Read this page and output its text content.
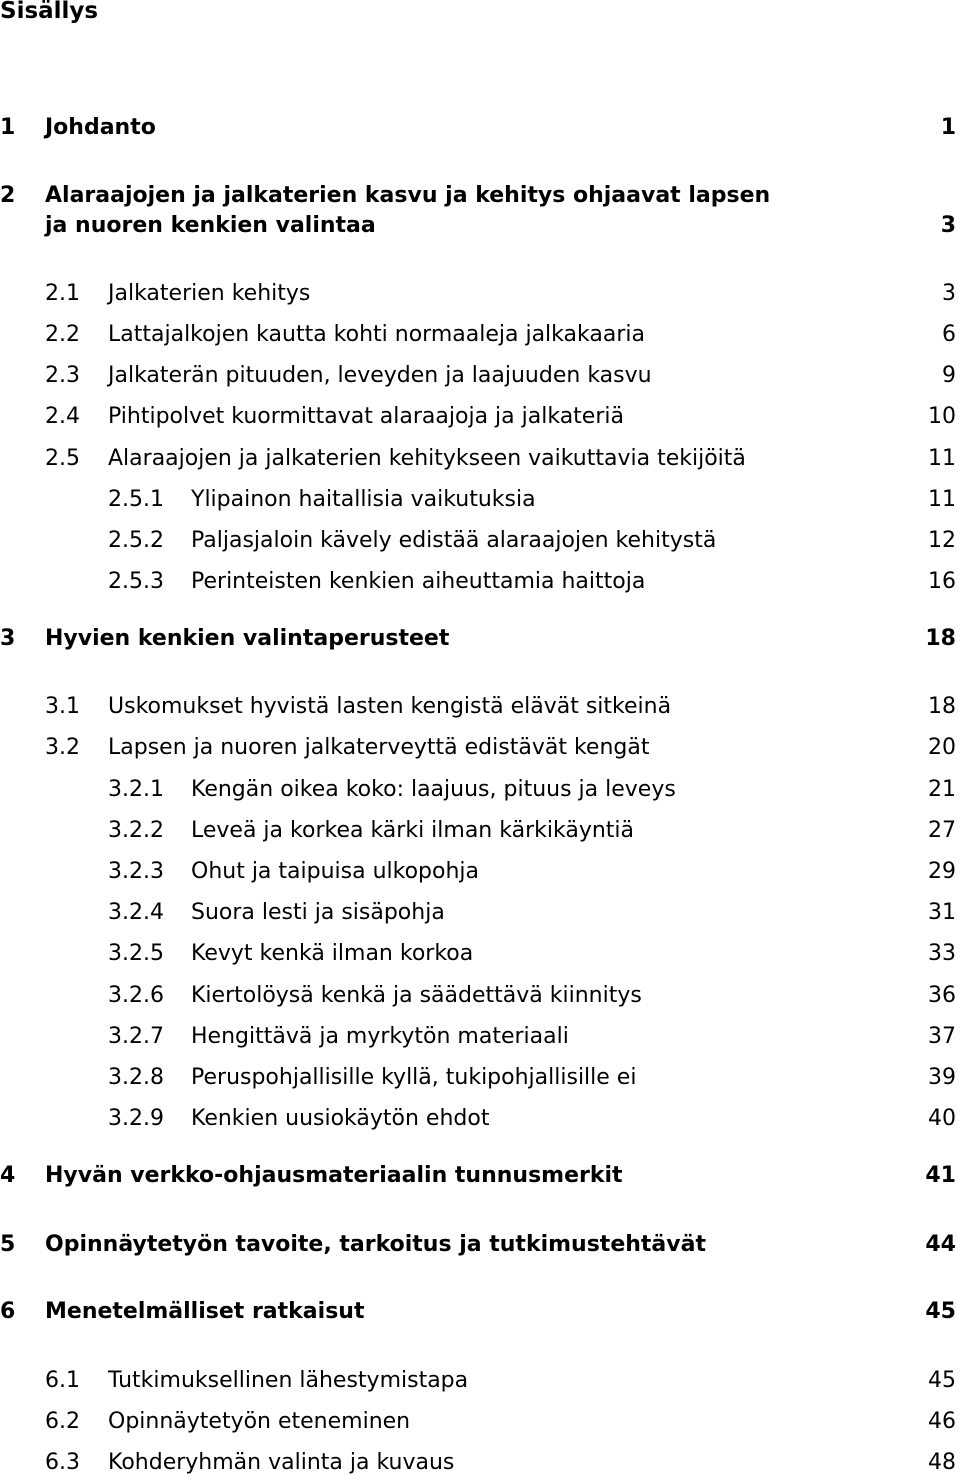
Sisällys
1 Johdanto	1
2 Alaraajojen ja jalkaterien kasvu ja kehitys ohjaavat lapsen
ja nuoren kenkien valintaa	3
2.1 Jalkaterien kehitys	3
2.2 Lattajalkojen kautta kohti normaaleja jalkakaaria	6
2.3 Jalkaterän pituuden, leveyden ja laajuuden kasvu	9
2.4 Pihtipolvet kuormittavat alaraajoja ja jalkateriä	10
2.5 Alaraajojen ja jalkaterien kehitykseen vaikuttavia tekijöitä	11
2.5.1 Ylipainon haitallisia vaikutuksia	11
2.5.2 Paljasjaloin kävely edistää alaraajojen kehitystä	12
2.5.3 Perinteisten kenkien aiheuttamia haittoja	16
3 Hyvien kenkien valintaperusteet	18
3.1 Uskomukset hyvistä lasten kengistä elävät sitkeinä	18
3.2 Lapsen ja nuoren jalkaterveyttä edistävät kengät	20
3.2.1 Kengän oikea koko: laajuus, pituus ja leveys	21
3.2.2 Leveä ja korkea kärki ilman kärkikäyntiä	27
3.2.3 Ohut ja taipuisa ulkopohja	29
3.2.4 Suora lesti ja sisäpohja	31
3.2.5 Kevyt kenkä ilman korkoa	33
3.2.6 Kiertolöysä kenkä ja säädettävä kiinnitys	36
3.2.7 Hengittävä ja myrkytön materiaali	37
3.2.8 Peruspohjallisille kyllä, tukipohjallisille ei	39
3.2.9 Kenkien uusiokäytön ehdot	40
4 Hyvän verkko-ohjausmateriaalin tunnusmerkit	41
5 Opinnäytetyön tavoite, tarkoitus ja tutkimustehtävät	44
6 Menetelmälliset ratkaisut	45
6.1 Tutkimuksellinen lähestymistapa	45
6.2 Opinnäytetyön eteneminen	46
6.3 Kohderyhmän valinta ja kuvaus	48
